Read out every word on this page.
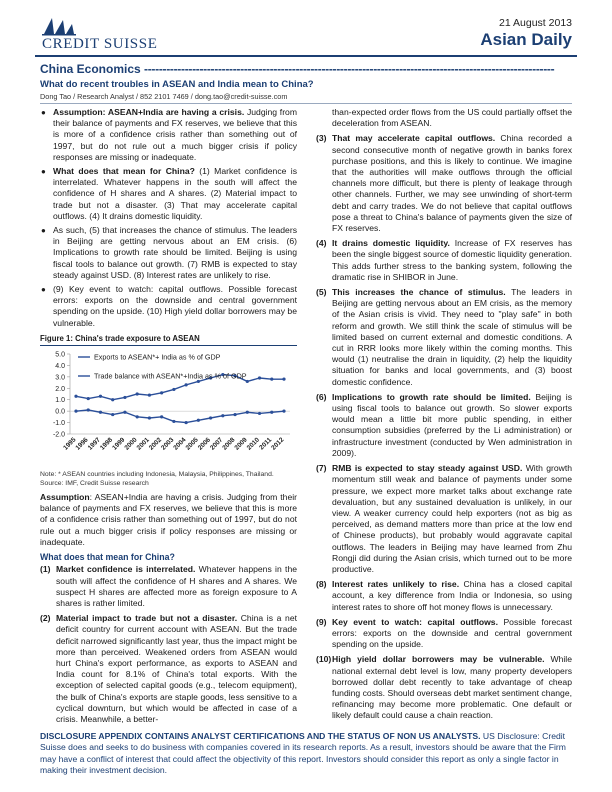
CREDIT SUISSE
21 August 2013
Asian Daily
China Economics ---------------------------------------------------------------------------------------------------------------
What do recent troubles in ASEAN and India mean to China?
Dong Tao / Research Analyst / 852 2101 7469 / dong.tao@credit-suisse.com
● Assumption: ASEAN+India are having a crisis. Judging from their balance of payments and FX reserves, we believe that this is more of a confidence crisis rather than something out of 1997, but do not rule out a much bigger crisis if policy responses are missing or inadequate.
● What does that mean for China? (1) Market confidence is interrelated. Whatever happens in the south will affect the confidence of H shares and A shares. (2) Material impact to trade but not a disaster. (3) That may accelerate capital outflows. (4) It drains domestic liquidity.
● As such, (5) that increases the chance of stimulus. The leaders in Beijing are getting nervous about an EM crisis. (6) Implications to growth rate should be limited. Beijing is using fiscal tools to balance out growth. (7) RMB is expected to stay steady against USD. (8) Interest rates are unlikely to rise.
● (9) Key event to watch: capital outflows. Possible forecast errors: exports on the downside and central government spending on the upside. (10) High yield dollar borrowers may be vulnerable.
Figure 1: China's trade exposure to ASEAN
5.0
4.0
3.0
2.0
1.0
0.0
-1.0
-2.0
1995
1996
1997
1998
1999
2000
2001
2002
2003
2004
2005
2006
2007
2008
2009
2010
2011
2012
Exports to ASEAN*+ India as % of GDP
Trade balance with ASEAN*+India as % of GDP
Note: * ASEAN countries including Indonesia, Malaysia, Philippines, Thailand.
Source: IMF, Credit Suisse research
Assumption: ASEAN+India are having a crisis. Judging from their balance of payments and FX reserves, we believe that this is more of a confidence crisis rather than something out of 1997, but do not rule out a much bigger crisis if policy responses are missing or inadequate.
What does that mean for China?
(1) Market confidence is interrelated. Whatever happens in the south will affect the confidence of H shares and A shares. We suspect H shares are affected more as foreign exposure to A shares is rather limited.
(2) Material impact to trade but not a disaster. China is a net deficit country for current account with ASEAN. But the trade deficit narrowed significantly last year, thus the impact might be more than perceived. Weakened orders from ASEAN would hurt China's export performance, as exports to ASEAN and India count for 8.1% of China's total exports. With the exception of selected capital goods (e.g., telecom equipment), the bulk of China's exports are staple goods, less sensitive to a cyclical downturn, but which would be affected in case of a crisis. Meanwhile, a better-
than-expected order flows from the US could partially offset the deceleration from ASEAN.
(3) That may accelerate capital outflows. China recorded a second consecutive month of negative growth in banks forex purchase positions, and this is likely to continue. We imagine that the authorities will make outflows through the official channels more difficult, but there is plenty of leakage through other channels. Further, we may see unwinding of short-term debt and carry trades. We do not believe that capital outflows pose a threat to China's balance of payments given the size of FX reserves.
(4) It drains domestic liquidity. Increase of FX reserves has been the single biggest source of domestic liquidity generation. This adds further stress to the banking system, following the dramatic rise in SHIBOR in June.
(5) This increases the chance of stimulus. The leaders in Beijing are getting nervous about an EM crisis, as the memory of the Asian crisis is vivid. They need to "play safe" in both reform and growth. We still think the scale of stimulus will be limited based on current external and domestic conditions. A cut in RRR looks more likely within the coming months. This would (1) neutralise the drain in liquidity, (2) help the liquidity situation for banks and local governments, and (3) boost domestic confidence.
(6) Implications to growth rate should be limited. Beijing is using fiscal tools to balance out growth. So slower exports would mean a little bit more public spending, in either consumption subsidies (preferred by the Li administration) or infrastructure investment (conducted by Wen administration in 2009).
(7) RMB is expected to stay steady against USD. With growth momentum still weak and balance of payments under some pressure, we expect more market talks about exchange rate devaluation, but any sustained devaluation is unlikely, in our view. A weaker currency could help exporters (not as big as perceived, as demand matters more than price at the low end of Chinese products), but probably would aggravate capital outflows. The leaders in Beijing may have learned from Zhu Rongji did during the Asian crisis, which turned out to be more productive.
(8) Interest rates unlikely to rise. China has a closed capital account, a key difference from India or Indonesia, so using interest rates to shore off hot money flows is unnecessary.
(9) Key event to watch: capital outflows. Possible forecast errors: exports on the downside and central government spending on the upside.
(10) High yield dollar borrowers may be vulnerable. While national external debt level is low, many property developers borrowed dollar debt recently to take advantage of cheap funding costs. Should overseas debt market sentiment change, refinancing may become more problematic. One default or likely default could cause a chain reaction.
DISCLOSURE APPENDIX CONTAINS ANALYST CERTIFICATIONS AND THE STATUS OF NON US ANALYSTS. US Disclosure: Credit Suisse does and seeks to do business with companies covered in its research reports. As a result, investors should be aware that the Firm may have a conflict of interest that could affect the objectivity of this report. Investors should consider this report as only a single factor in making their investment decision.
